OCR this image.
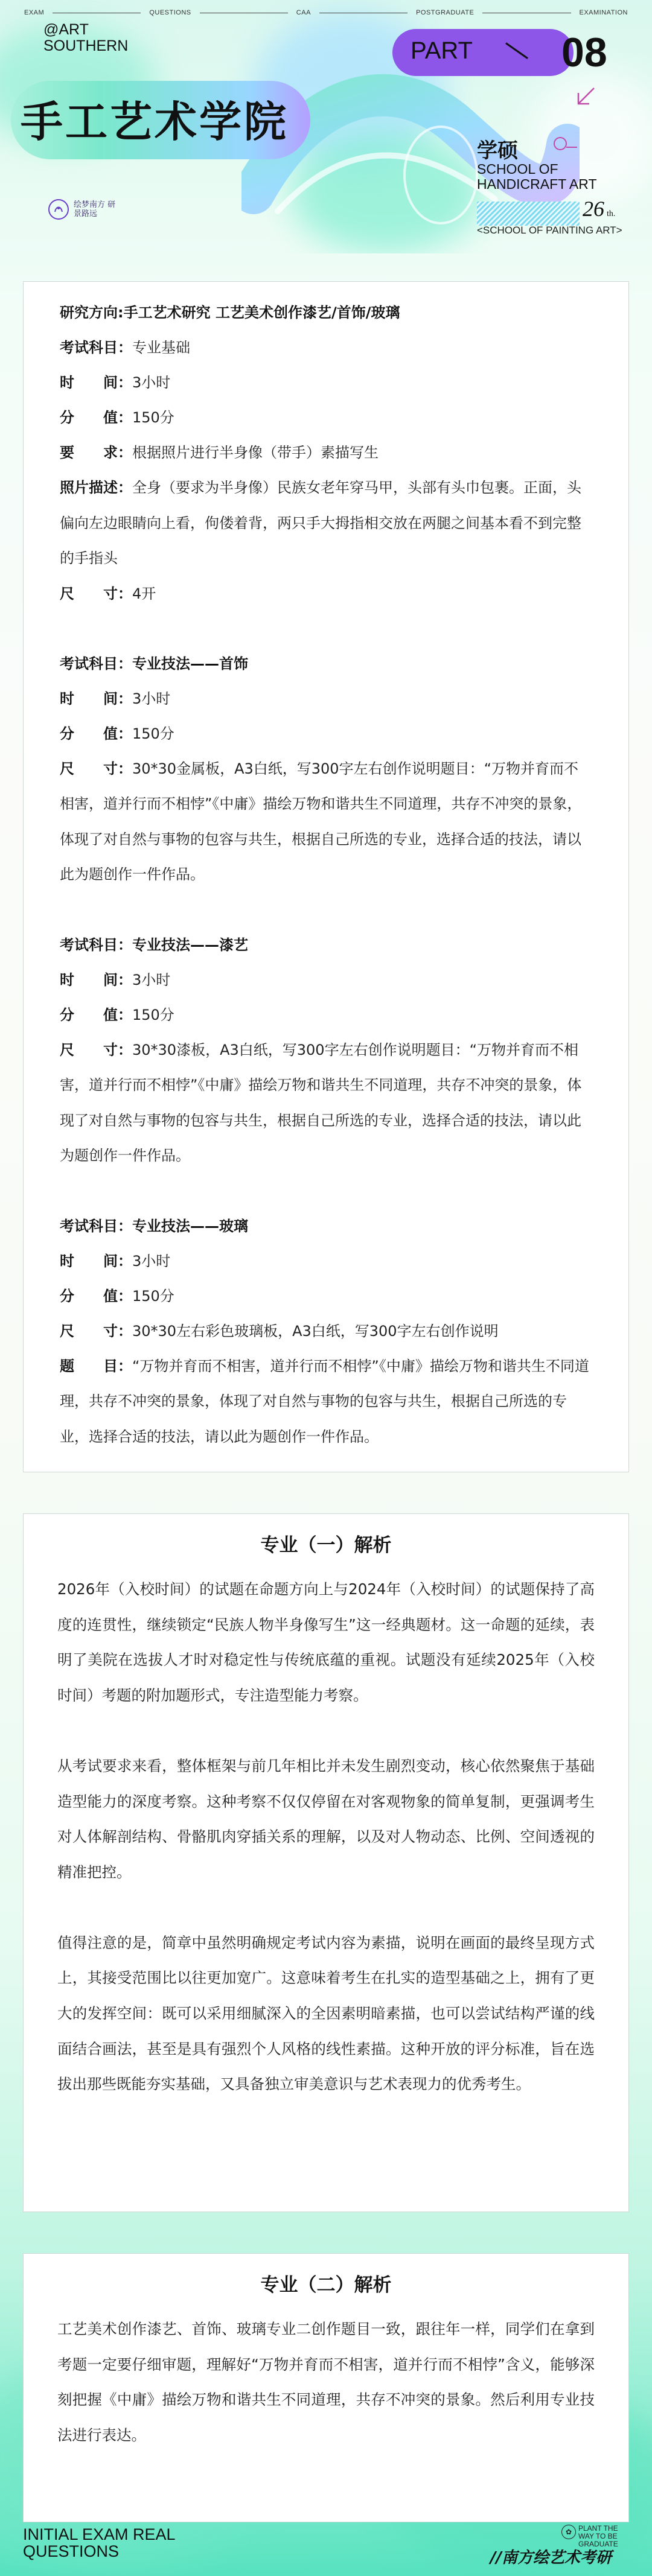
EXAM	QUESTIONS	CAA	POSTGRADUATE	EXAMINATION
@ART SOUTHERN
手工艺术学院
PART 08
学硕
SCHOOL OF HANDICRAFT ART
26 th.
<SCHOOL OF PAINTING ART>
绘梦南方 研景路远
研究方向:手工艺术研究 工艺美术创作漆艺/首饰/玻璃
考试科目：专业基础
时　　间：3小时
分　　值：150分
要　　求：根据照片进行半身像（带手）素描写生
照片描述：全身（要求为半身像）民族女老年穿马甲，头部有头巾包裹。正面，头偏向左边眼睛向上看，佝偻着背，两只手大拇指相交放在两腿之间基本看不到完整的手指头
尺　　寸：4开
考试科目：专业技法——首饰
时　　间：3小时
分　　值：150分
尺　　寸：30*30金属板，A3白纸，写300字左右创作说明题目：“万物并育而不相害，道并行而不相悖”《中庸》描绘万物和谐共生不同道理，共存不冲突的景象，体现了对自然与事物的包容与共生，根据自己所选的专业，选择合适的技法，请以此为题创作一件作品。
考试科目：专业技法——漆艺
时　　间：3小时
分　　值：150分
尺　　寸：30*30漆板，A3白纸，写300字左右创作说明题目：“万物并育而不相害，道并行而不相悖”《中庸》描绘万物和谐共生不同道理，共存不冲突的景象，体现了对自然与事物的包容与共生，根据自己所选的专业，选择合适的技法，请以此为题创作一件作品。
考试科目：专业技法——玻璃
时　　间：3小时
分　　值：150分
尺　　寸：30*30左右彩色玻璃板，A3白纸，写300字左右创作说明
题　　目：“万物并育而不相害，道并行而不相悖”《中庸》描绘万物和谐共生不同道理，共存不冲突的景象，体现了对自然与事物的包容与共生，根据自己所选的专业，选择合适的技法，请以此为题创作一件作品。
专业（一）解析

2026年（入校时间）的试题在命题方向上与2024年（入校时间）的试题保持了高度的连贯性，继续锁定“民族人物半身像写生”这一经典题材。这一命题的延续，表明了美院在选拔人才时对稳定性与传统底蕴的重视。试题没有延续2025年（入校时间）考题的附加题形式，专注造型能力考察。

从考试要求来看，整体框架与前几年相比并未发生剧烈变动，核心依然聚焦于基础造型能力的深度考察。这种考察不仅仅停留在对客观物象的简单复制，更强调考生对人体解剖结构、骨骼肌肉穿插关系的理解，以及对人物动态、比例、空间透视的精准把控。

值得注意的是，简章中虽然明确规定考试内容为素描，说明在画面的最终呈现方式上，其接受范围比以往更加宽广。这意味着考生在扎实的造型基础之上，拥有了更大的发挥空间：既可以采用细腻深入的全因素明暗素描，也可以尝试结构严谨的线面结合画法，甚至是具有强烈个人风格的线性素描。这种开放的评分标准，旨在选拔出那些既能夯实基础，又具备独立审美意识与艺术表现力的优秀考生。

专业（二）解析

工艺美术创作漆艺、首饰、玻璃专业二创作题目一致，跟往年一样，同学们在拿到考题一定要仔细审题，理解好“万物并育而不相害，道并行而不相悖”含义，能够深刻把握《中庸》描绘万物和谐共生不同道理，共存不冲突的景象。然后利用专业技法进行表达。

INITIAL EXAM REAL QUESTIONS
✿ PLANT THE WAY TO BE GRADUATE
//南方绘艺术考研
